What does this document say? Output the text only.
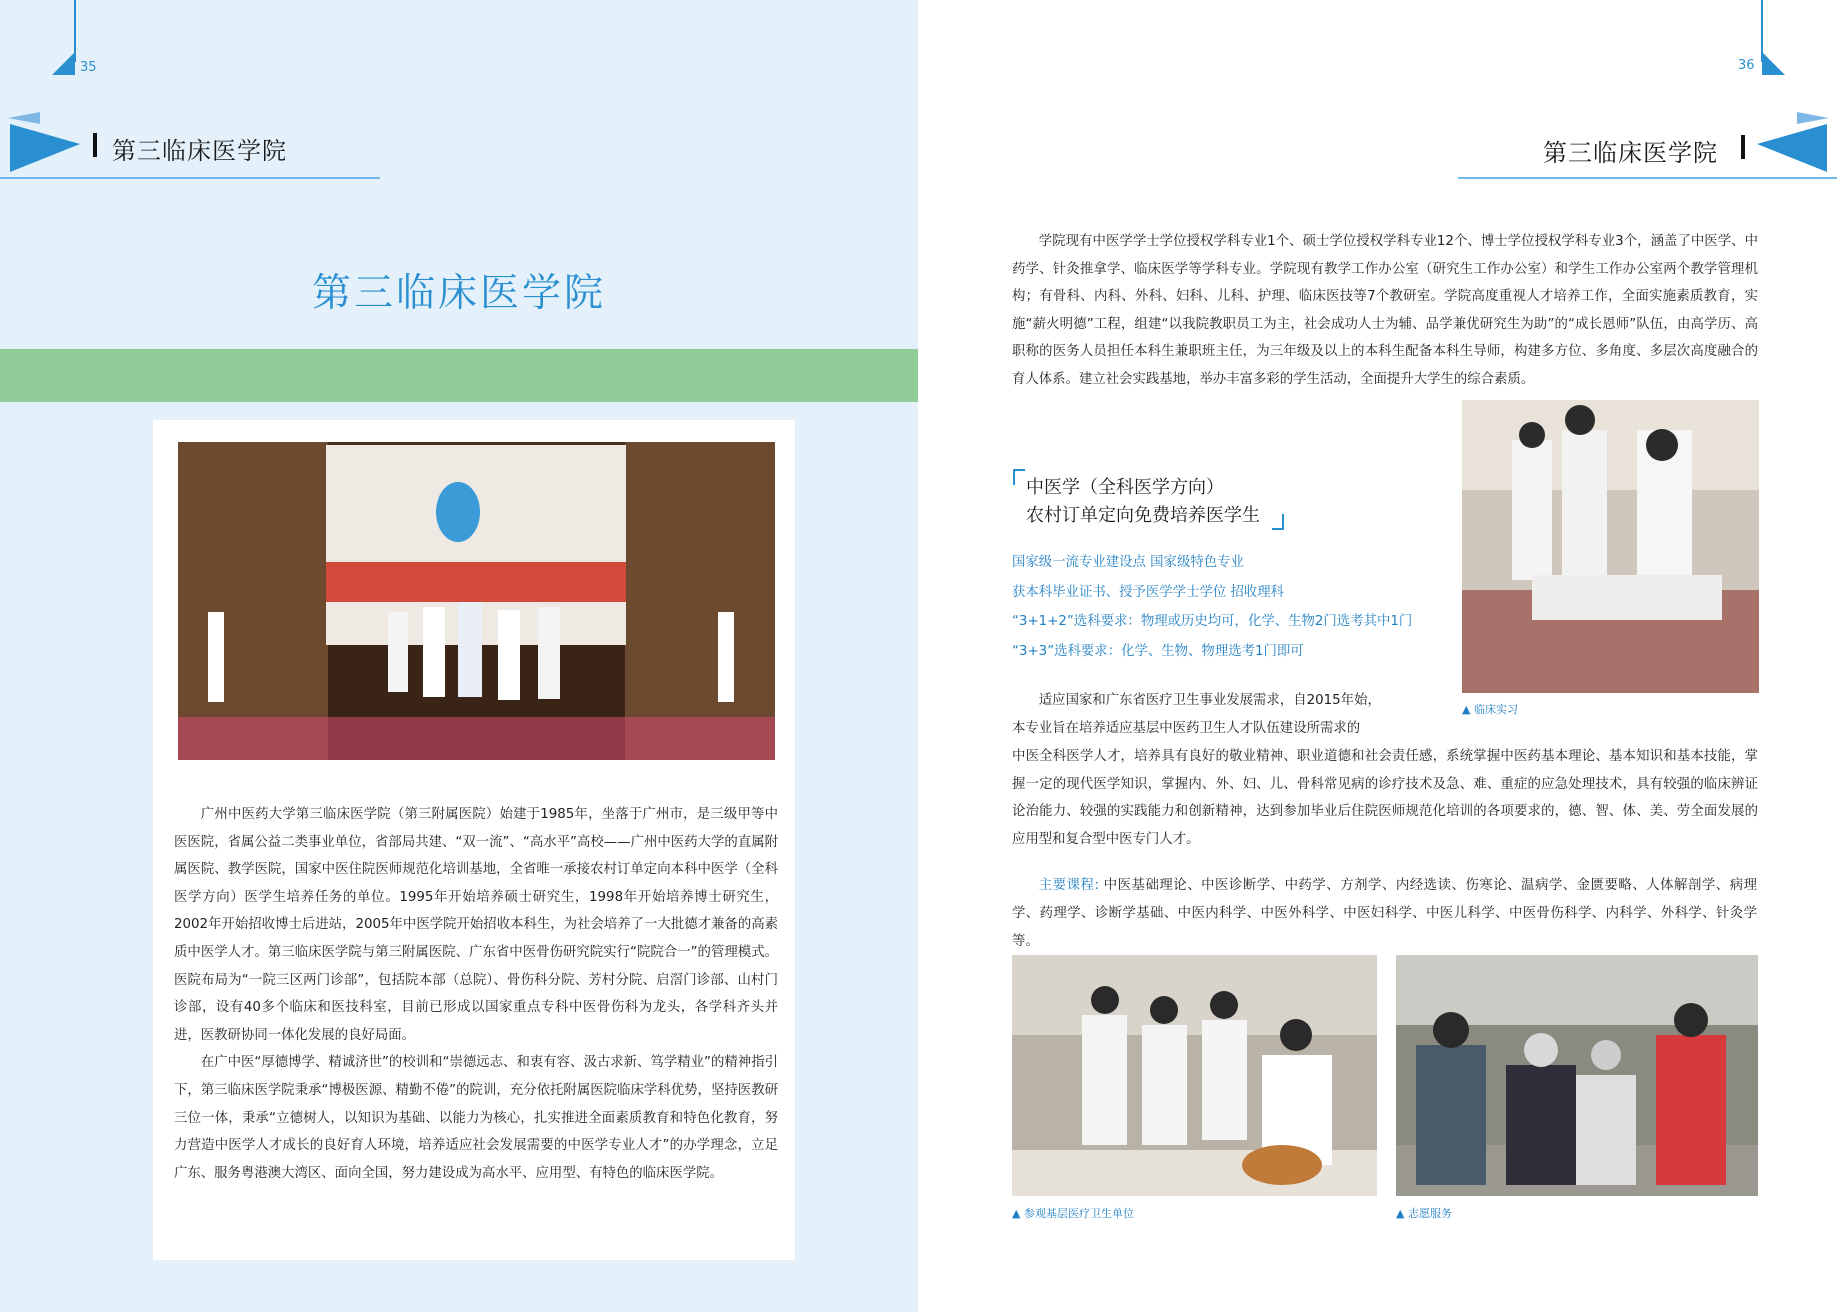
35
第三临床医学院
第三临床医学院

广州中医药大学第三临床医学院（第三附属医院）始建于1985年，坐落于广州市，是三级甲等中医医院，省属公益二类事业单位，省部局共建、“双一流”、“高水平”高校——广州中医药大学的直属附属医院、教学医院，国家中医住院医师规范化培训基地，全省唯一承接农村订单定向本科中医学（全科医学方向）医学生培养任务的单位。1995年开始培养硕士研究生，1998年开始培养博士研究生，2002年开始招收博士后进站，2005年中医学院开始招收本科生，为社会培养了一大批德才兼备的高素质中医学人才。第三临床医学院与第三附属医院、广东省中医骨伤研究院实行“院院合一”的管理模式。医院布局为“一院三区两门诊部”，包括院本部（总院）、骨伤科分院、芳村分院、启滘门诊部、山村门诊部，设有40多个临床和医技科室，目前已形成以国家重点专科中医骨伤科为龙头，各学科齐头并进，医教研协同一体化发展的良好局面。

在广中医“厚德博学、精诚济世”的校训和“崇德远志、和衷有容、汲古求新、笃学精业”的精神指引下，第三临床医学院秉承“博极医源、精勤不倦”的院训，充分依托附属医院临床学科优势，坚持医教研三位一体，秉承“立德树人，以知识为基础、以能力为核心，扎实推进全面素质教育和特色化教育，努力营造中医学人才成长的良好育人环境，培养适应社会发展需要的中医学专业人才”的办学理念，立足广东、服务粤港澳大湾区、面向全国，努力建设成为高水平、应用型、有特色的临床医学院。

36
第三临床医学院

学院现有中医学学士学位授权学科专业1个、硕士学位授权学科专业12个、博士学位授权学科专业3个，涵盖了中医学、中药学、针灸推拿学、临床医学等学科专业。学院现有教学工作办公室（研究生工作办公室）和学生工作办公室两个教学管理机构；有骨科、内科、外科、妇科、儿科、护理、临床医技等7个教研室。学院高度重视人才培养工作，全面实施素质教育，实施“薪火明德”工程，组建“以我院教职员工为主，社会成功人士为辅、品学兼优研究生为助”的“成长恩师”队伍，由高学历、高职称的医务人员担任本科生兼职班主任，为三年级及以上的本科生配备本科生导师，构建多方位、多角度、多层次高度融合的育人体系。建立社会实践基地，举办丰富多彩的学生活动，全面提升大学生的综合素质。

▲ 临床实习
中医学（全科医学方向）
农村订单定向免费培养医学生
国家级一流专业建设点 国家级特色专业
获本科毕业证书、授予医学学士学位 招收理科
“3+1+2”选科要求：物理或历史均可，化学、生物2门选考其中1门
“3+3”选科要求：化学、生物、物理选考1门即可

适应国家和广东省医疗卫生事业发展需求，自2015年始，

本专业旨在培养适应基层中医药卫生人才队伍建设所需求的
中医全科医学人才，培养具有良好的敬业精神、职业道德和社会责任感，系统掌握中医药基本理论、基本知识和基本技能，掌握一定的现代医学知识，掌握内、外、妇、儿、骨科常见病的诊疗技术及急、难、重症的应急处理技术，具有较强的临床辨证论治能力、较强的实践能力和创新精神，达到参加毕业后住院医师规范化培训的各项要求的，德、智、体、美、劳全面发展的应用型和复合型中医专门人才。
主要课程: 中医基础理论、中医诊断学、中药学、方剂学、内经选读、伤寒论、温病学、金匮要略、人体解剖学、病理学、药理学、诊断学基础、中医内科学、中医外科学、中医妇科学、中医儿科学、中医骨伤科学、内科学、外科学、针灸学等。
▲ 参观基层医疗卫生单位	▲ 志愿服务
